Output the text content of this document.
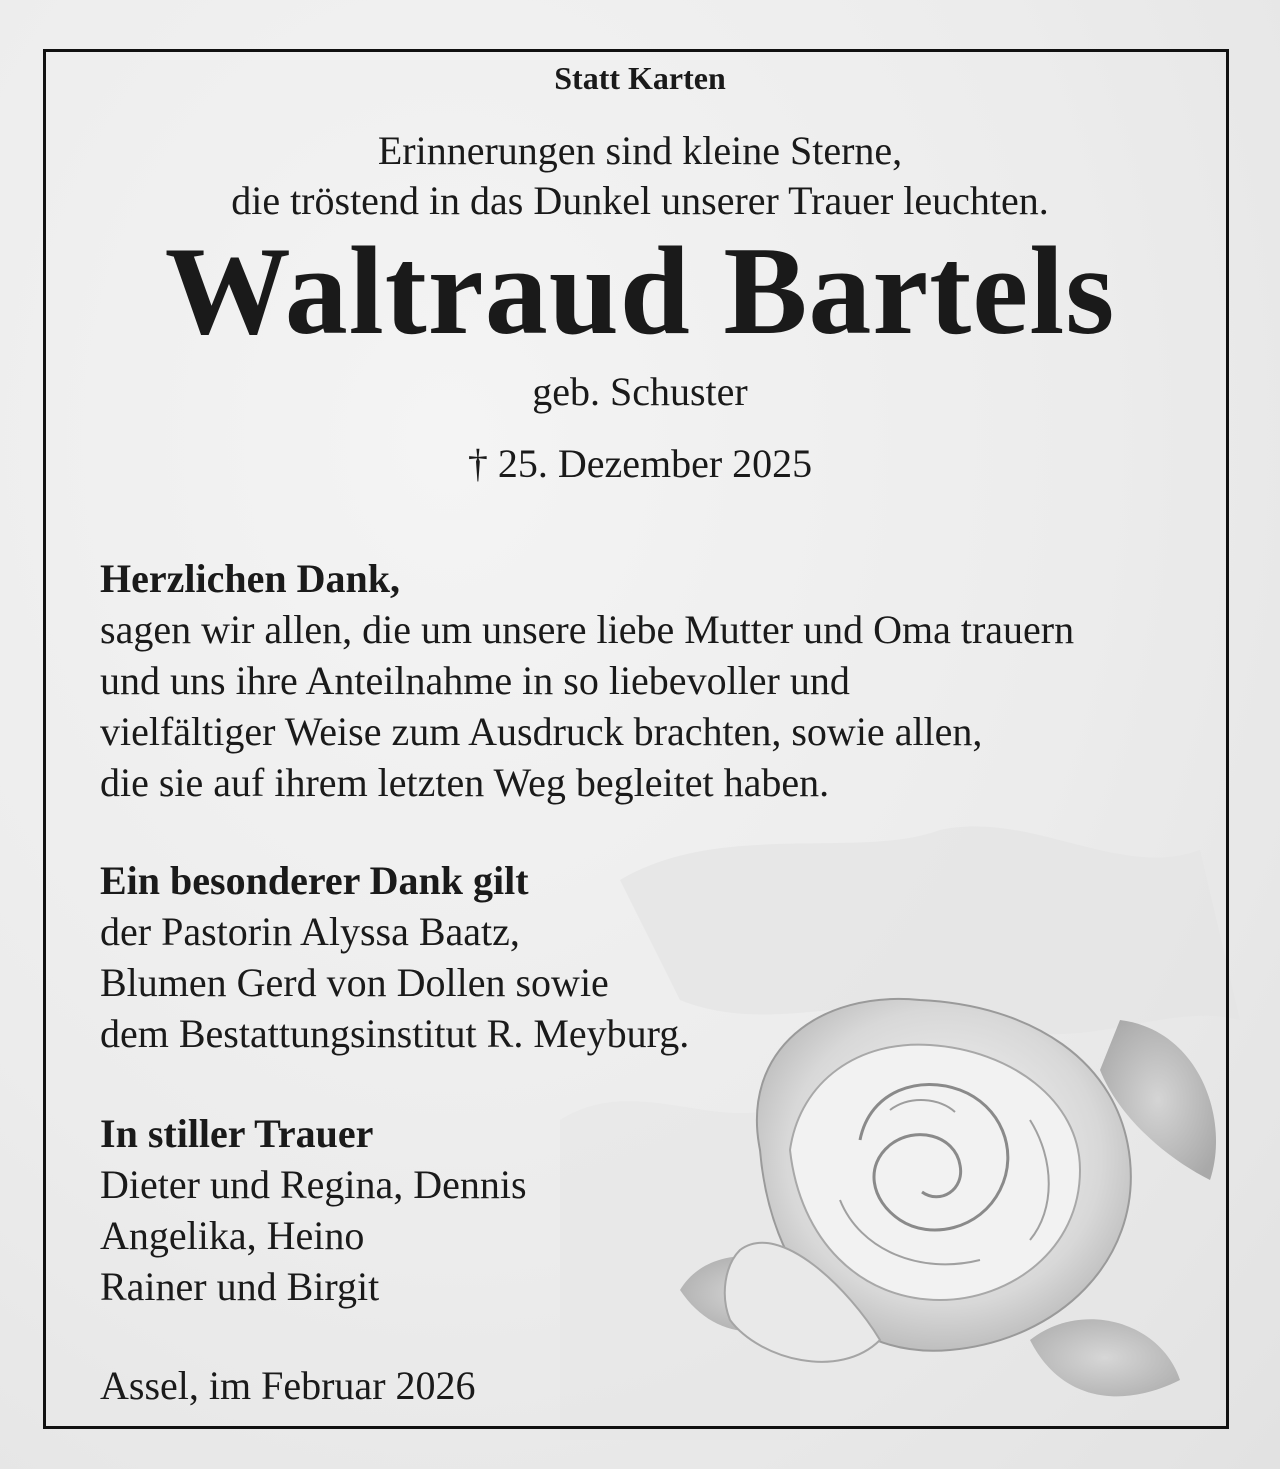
Statt Karten
Erinnerungen sind kleine Sterne,
die tröstend in das Dunkel unserer Trauer leuchten.
Waltraud Bartels
geb. Schuster
† 25. Dezember 2025
Herzlichen Dank,
sagen wir allen, die um unsere liebe Mutter und Oma trauern
und uns ihre Anteilnahme in so liebevoller und
vielfältiger Weise zum Ausdruck brachten, sowie allen,
die sie auf ihrem letzten Weg begleitet haben.
Ein besonderer Dank gilt
der Pastorin Alyssa Baatz,
Blumen Gerd von Dollen sowie
dem Bestattungsinstitut R. Meyburg.
In stiller Trauer
Dieter und Regina, Dennis
Angelika, Heino
Rainer und Birgit
Assel, im Februar 2026
